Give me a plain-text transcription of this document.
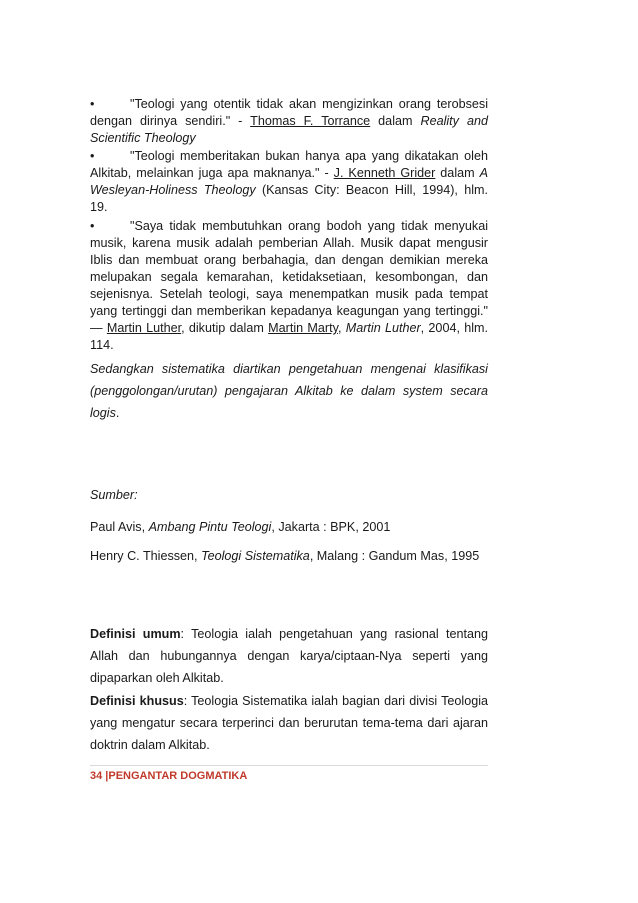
•	"Teologi yang otentik tidak akan mengizinkan orang terobsesi dengan dirinya sendiri." - Thomas F. Torrance dalam Reality and Scientific Theology

•	"Teologi memberitakan bukan hanya apa yang dikatakan oleh Alkitab, melainkan juga apa maknanya." - J. Kenneth Grider dalam A Wesleyan-Holiness Theology (Kansas City: Beacon Hill, 1994), hlm. 19.

•	"Saya tidak membutuhkan orang bodoh yang tidak menyukai musik, karena musik adalah pemberian Allah. Musik dapat mengusir Iblis dan membuat orang berbahagia, dan dengan demikian mereka melupakan segala kemarahan, ketidaksetiaan, kesombongan, dan sejenisnya. Setelah teologi, saya menempatkan musik pada tempat yang tertinggi dan memberikan kepadanya keagungan yang tertinggi." — Martin Luther, dikutip dalam Martin Marty, Martin Luther, 2004, hlm. 114.

Sedangkan sistematika diartikan pengetahuan mengenai klasifikasi (penggolongan/urutan) pengajaran Alkitab ke dalam system secara logis.

Sumber:

Paul Avis, Ambang Pintu Teologi, Jakarta : BPK, 2001

Henry C. Thiessen, Teologi Sistematika, Malang : Gandum Mas, 1995

Definisi umum: Teologia ialah pengetahuan yang rasional tentang Allah dan hubungannya dengan karya/ciptaan-Nya seperti yang dipaparkan oleh Alkitab.

Definisi khusus: Teologia Sistematika ialah bagian dari divisi Teologia yang mengatur secara terperinci dan berurutan tema-tema dari ajaran doktrin dalam Alkitab.

34 |PENGANTAR DOGMATIKA
